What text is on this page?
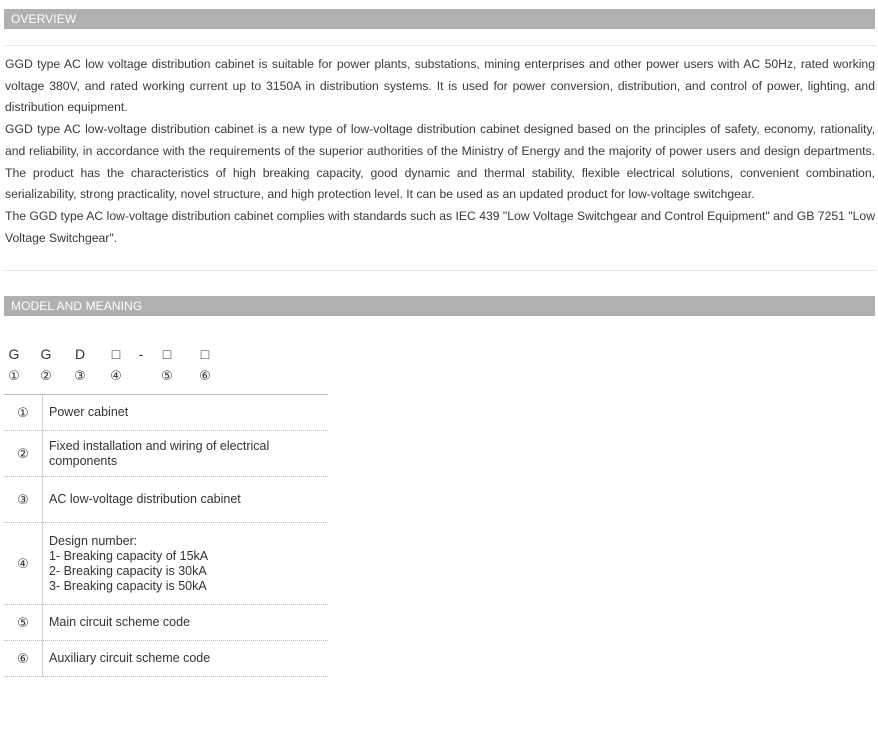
OVERVIEW

GGD type AC low voltage distribution cabinet is suitable for power plants, substations, mining enterprises and other power users with AC 50Hz, rated working voltage 380V, and rated working current up to 3150A in distribution systems. It is used for power conversion, distribution, and control of power, lighting, and distribution equipment.

GGD type AC low-voltage distribution cabinet is a new type of low-voltage distribution cabinet designed based on the principles of safety, economy, rationality, and reliability, in accordance with the requirements of the superior authorities of the Ministry of Energy and the majority of power users and design departments. The product has the characteristics of high breaking capacity, good dynamic and thermal stability, flexible electrical solutions, convenient combination, serializability, strong practicality, novel structure, and high protection level. It can be used as an updated product for low-voltage switchgear.

The GGD type AC low-voltage distribution cabinet complies with standards such as IEC 439 "Low Voltage Switchgear and Control Equipment" and GB 7251 "Low Voltage Switchgear".

MODEL AND MEANING
G	G	D	□	-	□	□
①	②	③	④	⑤	⑥
①	Power cabinet

②	Fixed installation and wiring of electrical
components

③	AC low-voltage distribution cabinet

④	Design number:
1- Breaking capacity of 15kA
2- Breaking capacity is 30kA
3- Breaking capacity is 50kA

⑤	Main circuit scheme code

⑥	Auxiliary circuit scheme code
